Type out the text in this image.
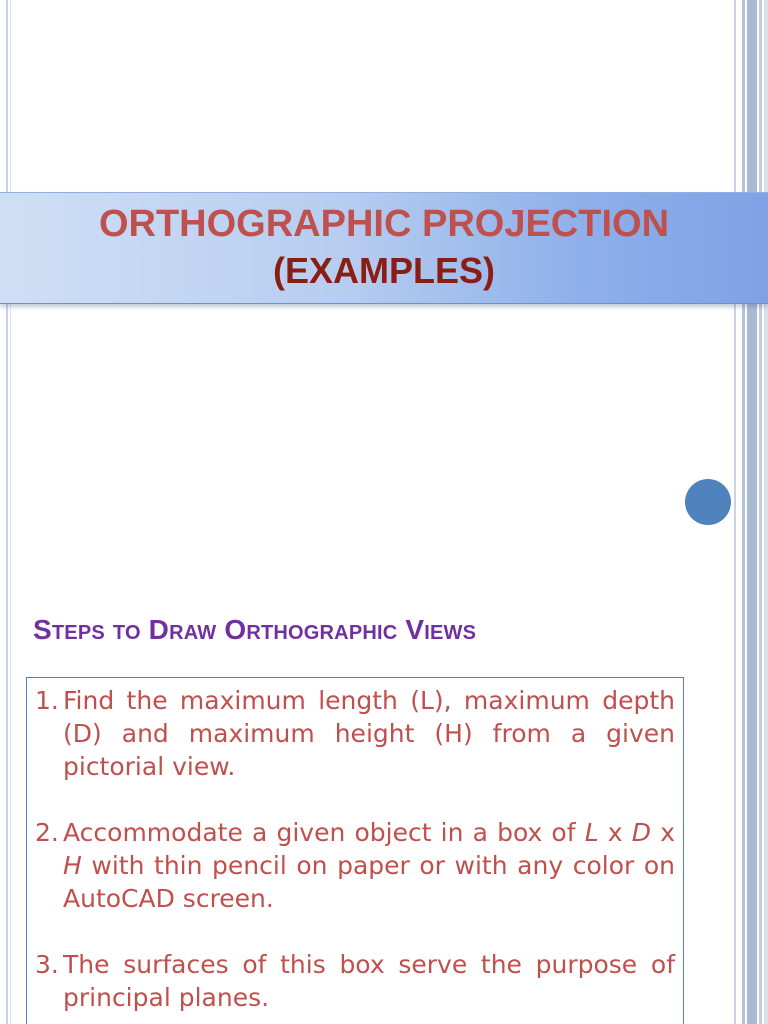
ORTHOGRAPHIC PROJECTION
(EXAMPLES)
Steps to Draw Orthographic Views
1. Find the maximum length (L), maximum depth (D) and maximum height (H) from a given pictorial view.
2. Accommodate a given object in a box of L x D x H with thin pencil on paper or with any color on AutoCAD screen.
3. The surfaces of this box serve the purpose of principal planes.
